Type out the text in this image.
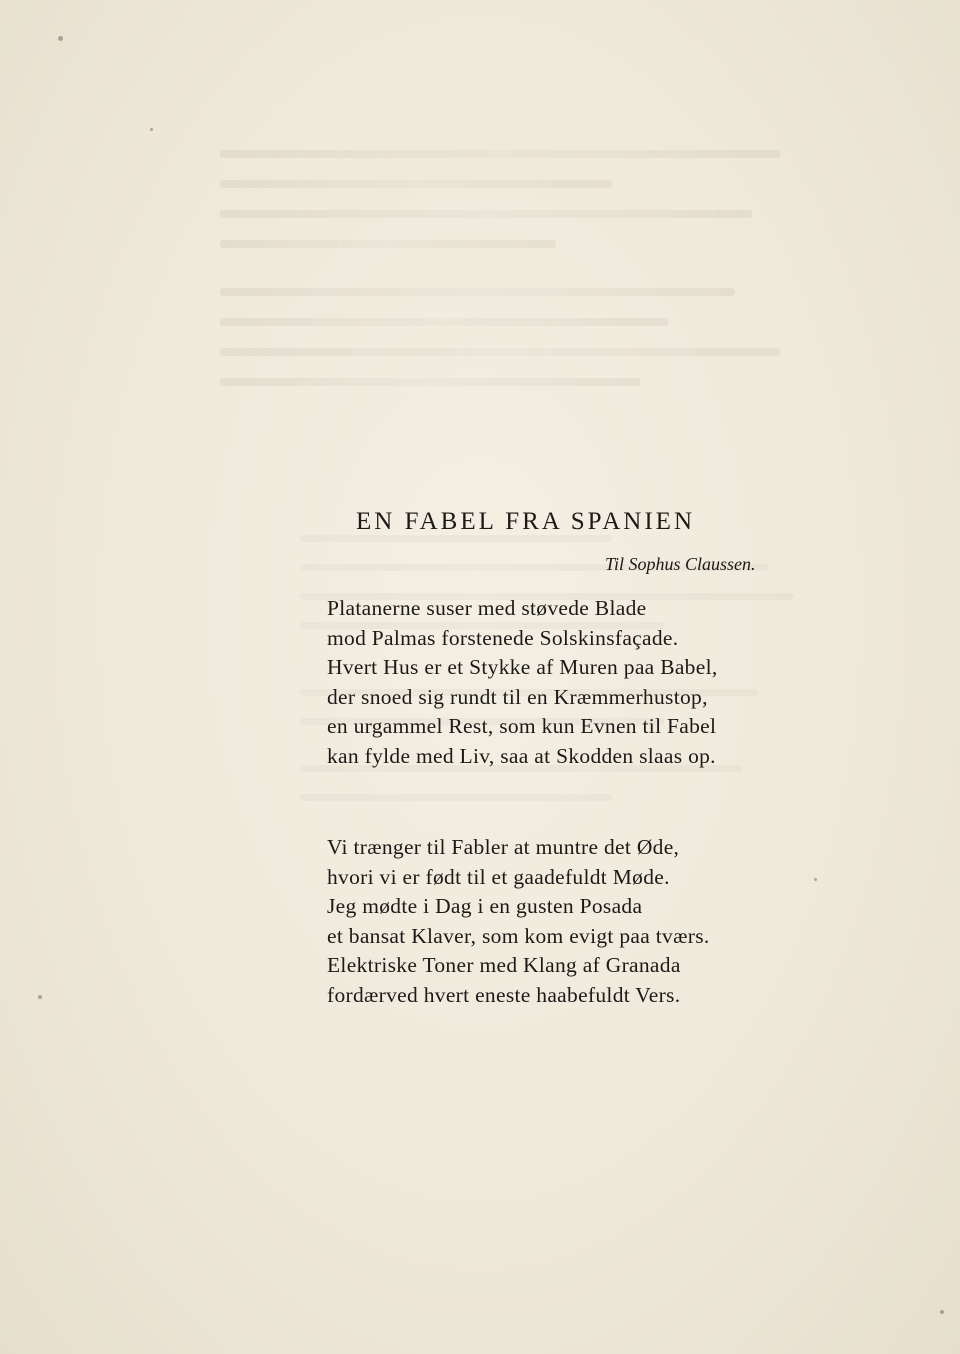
EN FABEL FRA SPANIEN
Til Sophus Claussen.
Platanerne suser med støvede Blade
mod Palmas forstenede Solskinsfaçade.
Hvert Hus er et Stykke af Muren paa Babel,
der snoed sig rundt til en Kræmmerhustop,
en urgammel Rest, som kun Evnen til Fabel
kan fylde med Liv, saa at Skodden slaas op.
Vi trænger til Fabler at muntre det Øde,
hvori vi er født til et gaadefuldt Møde.
Jeg mødte i Dag i en gusten Posada
et bansat Klaver, som kom evigt paa tværs.
Elektriske Toner med Klang af Granada
fordærved hvert eneste haabefuldt Vers.
